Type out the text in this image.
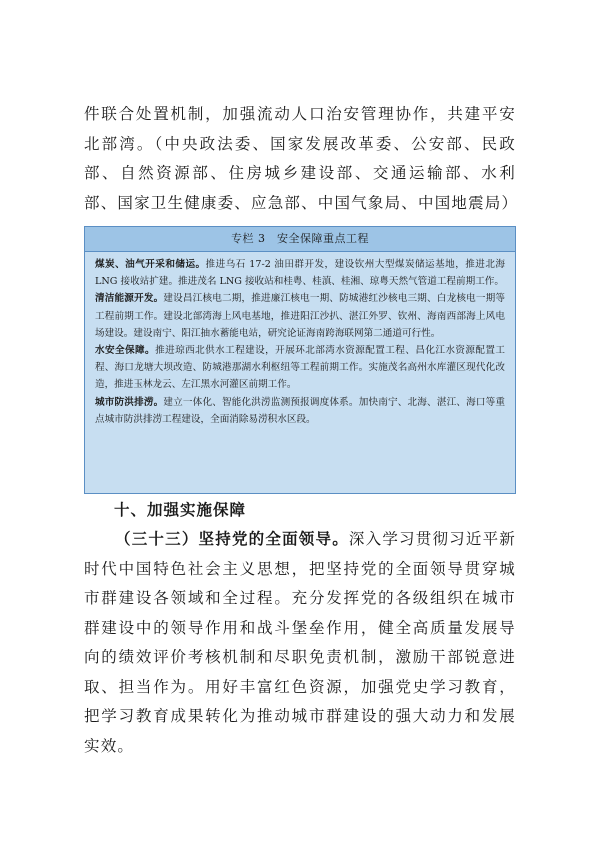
件联合处置机制，加强流动人口治安管理协作，共建平安北部湾。（中央政法委、国家发展改革委、公安部、民政部、自然资源部、住房城乡建设部、交通运输部、水利部、国家卫生健康委、应急部、中国气象局、中国地震局）

专栏 3　安全保障重点工程

煤炭、油气开采和储运。推进乌石 17-2 油田群开发，建设钦州大型煤炭储运基地，推进北海 LNG 接收站扩建。推进茂名 LNG 接收站和桂粤、桂滇、桂湘、琼粤天然气管道工程前期工作。

清洁能源开发。建设昌江核电二期，推进廉江核电一期、防城港红沙核电三期、白龙核电一期等工程前期工作。建设北部湾海上风电基地，推进阳江沙扒、湛江外罗、钦州、海南西部海上风电场建设。建设南宁、阳江抽水蓄能电站，研究论证海南跨海联网第二通道可行性。

水安全保障。推进琼西北供水工程建设，开展环北部湾水资源配置工程、昌化江水资源配置工程、海口龙塘大坝改造、防城港那湖水利枢纽等工程前期工作。实施茂名高州水库灌区现代化改造，推进玉林龙云、左江黑水河灌区前期工作。

城市防洪排涝。建立一体化、智能化洪涝监测预报调度体系。加快南宁、北海、湛江、海口等重点城市防洪排涝工程建设，全面消除易涝积水区段。

十、加强实施保障

（三十三）坚持党的全面领导。深入学习贯彻习近平新时代中国特色社会主义思想，把坚持党的全面领导贯穿城市群建设各领域和全过程。充分发挥党的各级组织在城市群建设中的领导作用和战斗堡垒作用，健全高质量发展导向的绩效评价考核机制和尽职免责机制，激励干部锐意进取、担当作为。用好丰富红色资源，加强党史学习教育，把学习教育成果转化为推动城市群建设的强大动力和发展实效。
